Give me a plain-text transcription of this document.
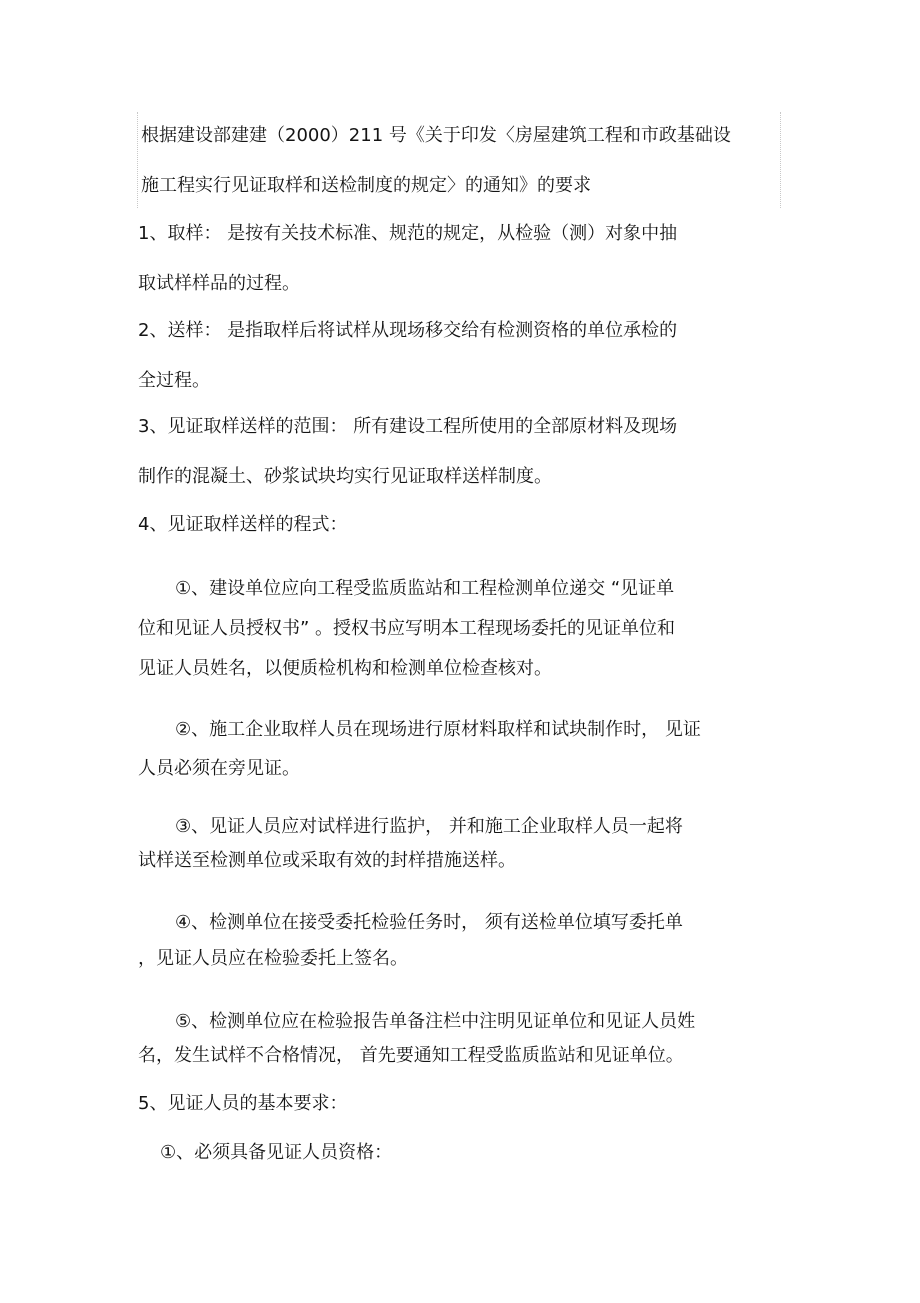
根据建设部建建（2000）211 号《关于印发〈房屋建筑工程和市政基础设

施工程实行见证取样和送检制度的规定〉的通知》的要求

1、取样： 是按有关技术标准、规范的规定，从检验（测）对象中抽

取试样样品的过程。

2、送样： 是指取样后将试样从现场移交给有检测资格的单位承检的

全过程。

3、见证取样送样的范围： 所有建设工程所使用的全部原材料及现场

制作的混凝土、砂浆试块均实行见证取样送样制度。

4、见证取样送样的程式：

①、建设单位应向工程受监质监站和工程检测单位递交 “见证单

位和见证人员授权书” 。授权书应写明本工程现场委托的见证单位和

见证人员姓名，以便质检机构和检测单位检查核对。

②、施工企业取样人员在现场进行原材料取样和试块制作时， 见证

人员必须在旁见证。

③、见证人员应对试样进行监护， 并和施工企业取样人员一起将

试样送至检测单位或采取有效的封样措施送样。

④、检测单位在接受委托检验任务时， 须有送检单位填写委托单

，见证人员应在检验委托上签名。

⑤、检测单位应在检验报告单备注栏中注明见证单位和见证人员姓

名，发生试样不合格情况， 首先要通知工程受监质监站和见证单位。

5、见证人员的基本要求：

①、必须具备见证人员资格：
